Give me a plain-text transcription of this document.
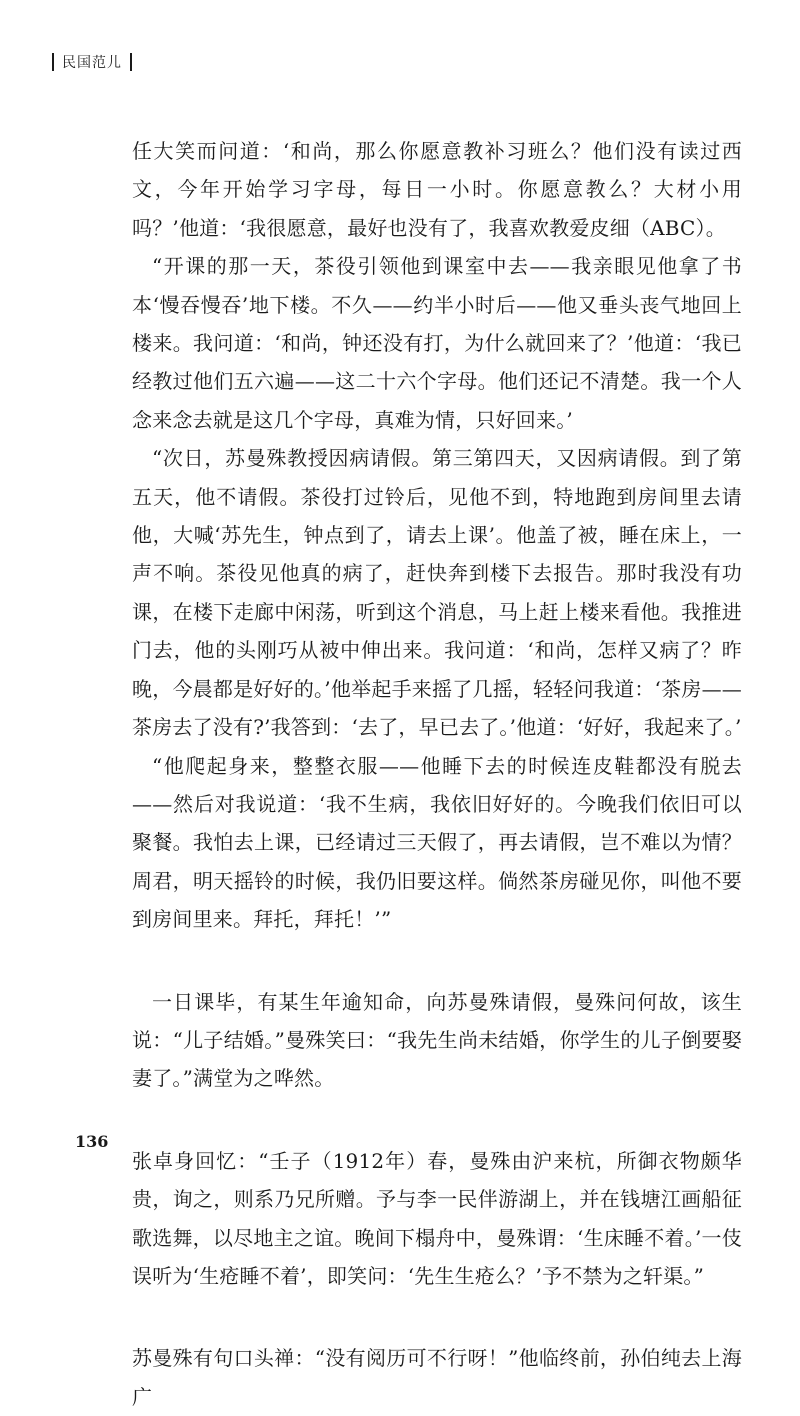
民国范儿

任大笑而问道：‘和尚，那么你愿意教补习班么？他们没有读过西文，今年开始学习字母，每日一小时。你愿意教么？大材小用吗？’他道：‘我很愿意，最好也没有了，我喜欢教爱皮细（ABC）。

“开课的那一天，茶役引领他到课室中去——我亲眼见他拿了书本‘慢吞慢吞’地下楼。不久——约半小时后——他又垂头丧气地回上楼来。我问道：‘和尚，钟还没有打，为什么就回来了？’他道：‘我已经教过他们五六遍——这二十六个字母。他们还记不清楚。我一个人念来念去就是这几个字母，真难为情，只好回来。’

“次日，苏曼殊教授因病请假。第三第四天，又因病请假。到了第五天，他不请假。茶役打过铃后，见他不到，特地跑到房间里去请他，大喊‘苏先生，钟点到了，请去上课’。他盖了被，睡在床上，一声不响。茶役见他真的病了，赶快奔到楼下去报告。那时我没有功课，在楼下走廊中闲荡，听到这个消息，马上赶上楼来看他。我推进门去，他的头刚巧从被中伸出来。我问道：‘和尚，怎样又病了？昨晚，今晨都是好好的。’他举起手来摇了几摇，轻轻问我道：‘茶房——茶房去了没有?’我答到：‘去了，早已去了。’他道：‘好好，我起来了。’

“他爬起身来，整整衣服——他睡下去的时候连皮鞋都没有脱去——然后对我说道：‘我不生病，我依旧好好的。今晚我们依旧可以聚餐。我怕去上课，已经请过三天假了，再去请假，岂不难以为情？周君，明天摇铃的时候，我仍旧要这样。倘然茶房碰见你，叫他不要到房间里来。拜托，拜托！’”

一日课毕，有某生年逾知命，向苏曼殊请假，曼殊问何故，该生说：“儿子结婚。”曼殊笑曰：“我先生尚未结婚，你学生的儿子倒要娶妻了。”满堂为之哗然。

张卓身回忆：“壬子（1912年）春，曼殊由沪来杭，所御衣物颇华贵，询之，则系乃兄所赠。予与李一民伴游湖上，并在钱塘江画船征歌选舞，以尽地主之谊。晚间下榻舟中，曼殊谓：‘生床睡不着。’一伎误听为‘生疮睡不着’，即笑问：‘先生生疮么？’予不禁为之轩渠。”

苏曼殊有句口头禅：“没有阅历可不行呀！”他临终前，孙伯纯去上海广

136
